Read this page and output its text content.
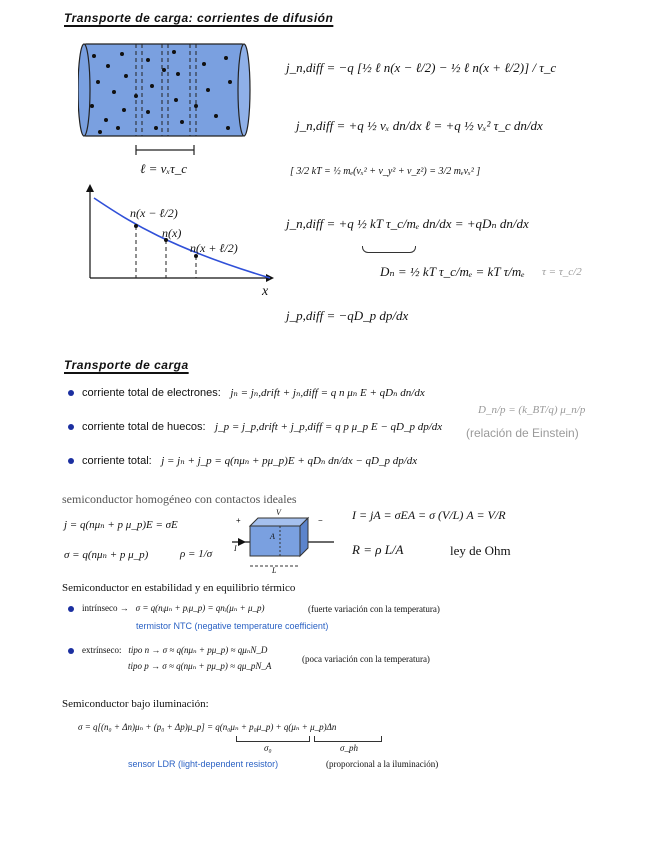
Transporte de carga: corrientes de difusión
ℓ = vₓτ_c
n(x − ℓ/2)
n(x)
n(x + ℓ/2)
x
j_n,diff = −q [½ ℓ n(x − ℓ/2) − ½ ℓ n(x + ℓ/2)] / τ_c
j_n,diff = +q ½ vₓ dn/dx ℓ = +q ½ vₓ² τ_c dn/dx
[ 3/2 kT = ½ mₑ(vₓ² + v_y² + v_z²) = 3/2 mₑvₓ² ]
j_n,diff = +q ½ kT τ_c/mₑ dn/dx = +qDₙ dn/dx
Dₙ = ½ kT τ_c/mₑ = kT τ/mₑ τ = τ_c/2
j_p,diff = −qD_p dp/dx
Transporte de carga
corriente total de electrones: jₙ = jₙ,drift + jₙ,diff = q n μₙ E + qDₙ dn/dx
corriente total de huecos: j_p = j_p,drift + j_p,diff = q p μ_p E − qD_p dp/dx
corriente total: j = jₙ + j_p = q(nμₙ + pμ_p)E + qDₙ dn/dx − qD_p dp/dx
D_n/p = (k_BT/q) μ_n/p
(relación de Einstein)
semiconductor homogéneo con contactos ideales
j = q(nμₙ + p μ_p)E = σE
σ = q(nμₙ + p μ_p)	ρ = 1/σ
+	−
V
A
I
L
I = jA = σEA = σ (V/L) A = V/R
R = ρ L/A	ley de Ohm
Semiconductor en estabilidad y en equilibrio térmico
intrínseco → σ = q(nᵢμₙ + pᵢμ_p) = qnᵢ(μₙ + μ_p)	(fuerte variación con la temperatura)
termistor NTC (negative temperature coefficient)
extrínseco: tipo n → σ ≈ q(nμₙ + pμ_p) ≈ qμₙN_D
tipo p → σ ≈ q(nμₙ + pμ_p) ≈ qμ_pN_A
(poca variación con la temperatura)
Semiconductor bajo iluminación:
σ = q[(n₀ + Δn)μₙ + (p₀ + Δp)μ_p] = q(n₀μₙ + p₀μ_p) + q(μₙ + μ_p)Δn
σ₀	σ_ph
sensor LDR (light-dependent resistor)	(proporcional a la iluminación)
